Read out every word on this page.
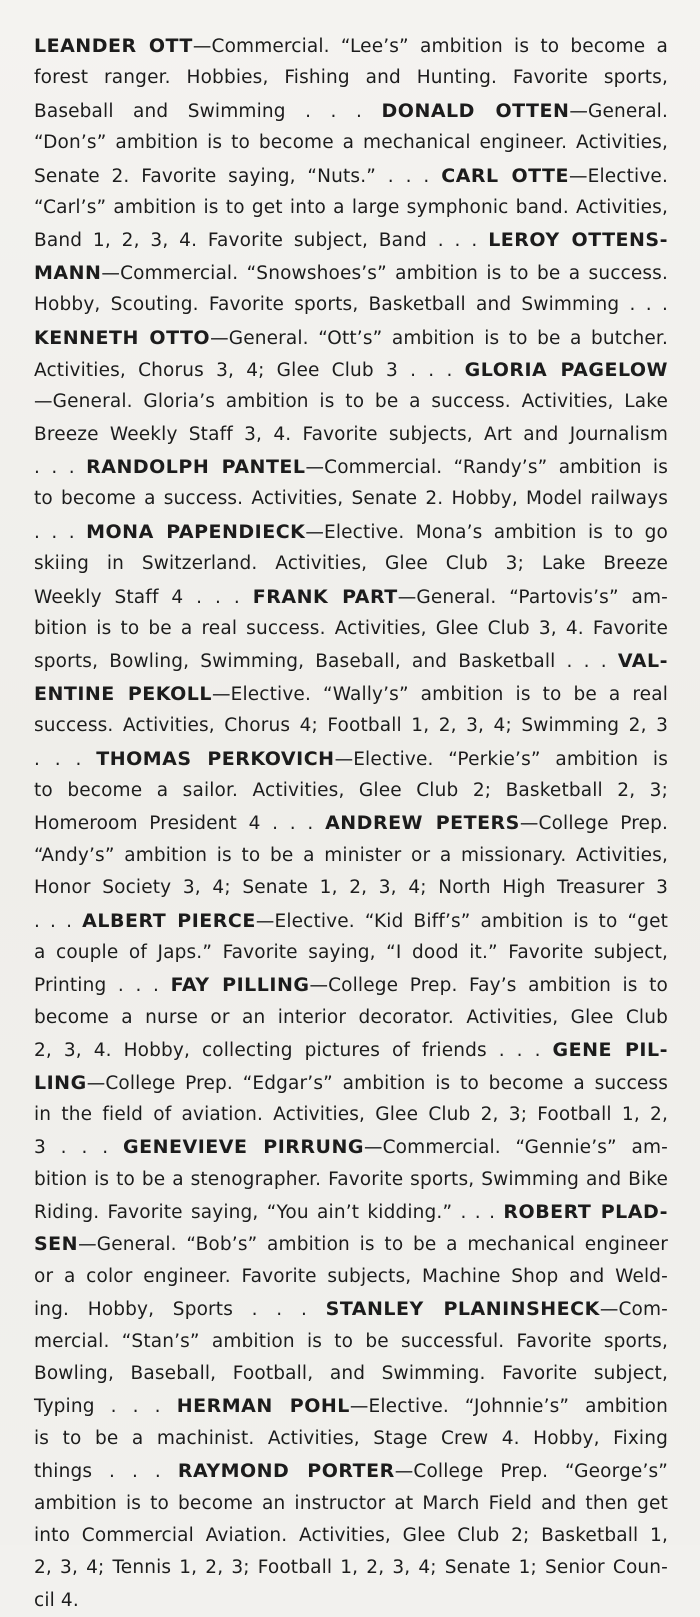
LEANDER OTT—Commercial. “Lee’s” ambition is to become a
forest ranger. Hobbies, Fishing and Hunting. Favorite sports,
Baseball and Swimming . . . DONALD OTTEN—General.
“Don’s” ambition is to become a mechanical engineer. Activities,
Senate 2. Favorite saying, “Nuts.” . . . CARL OTTE—Elective.
“Carl’s” ambition is to get into a large symphonic band. Activities,
Band 1, 2, 3, 4. Favorite subject, Band . . . LEROY OTTENS-
MANN—Commercial. “Snowshoes’s” ambition is to be a success.
Hobby, Scouting. Favorite sports, Basketball and Swimming . . .
KENNETH OTTO—General. “Ott’s” ambition is to be a butcher.
Activities, Chorus 3, 4; Glee Club 3 . . . GLORIA PAGELOW
—General. Gloria’s ambition is to be a success. Activities, Lake
Breeze Weekly Staff 3, 4. Favorite subjects, Art and Journalism
. . . RANDOLPH PANTEL—Commercial. “Randy’s” ambition is
to become a success. Activities, Senate 2. Hobby, Model railways
. . . MONA PAPENDIECK—Elective. Mona’s ambition is to go
skiing in Switzerland. Activities, Glee Club 3; Lake Breeze
Weekly Staff 4 . . . FRANK PART—General. “Partovis’s” am-
bition is to be a real success. Activities, Glee Club 3, 4. Favorite
sports, Bowling, Swimming, Baseball, and Basketball . . . VAL-
ENTINE PEKOLL—Elective. “Wally’s” ambition is to be a real
success. Activities, Chorus 4; Football 1, 2, 3, 4; Swimming 2, 3
. . . THOMAS PERKOVICH—Elective. “Perkie’s” ambition is
to become a sailor. Activities, Glee Club 2; Basketball 2, 3;
Homeroom President 4 . . . ANDREW PETERS—College Prep.
“Andy’s” ambition is to be a minister or a missionary. Activities,
Honor Society 3, 4; Senate 1, 2, 3, 4; North High Treasurer 3
. . . ALBERT PIERCE—Elective. “Kid Biff’s” ambition is to “get
a couple of Japs.” Favorite saying, “I dood it.” Favorite subject,
Printing . . . FAY PILLING—College Prep. Fay’s ambition is to
become a nurse or an interior decorator. Activities, Glee Club
2, 3, 4. Hobby, collecting pictures of friends . . . GENE PIL-
LING—College Prep. “Edgar’s” ambition is to become a success
in the field of aviation. Activities, Glee Club 2, 3; Football 1, 2,
3 . . . GENEVIEVE PIRRUNG—Commercial. “Gennie’s” am-
bition is to be a stenographer. Favorite sports, Swimming and Bike
Riding. Favorite saying, “You ain’t kidding.” . . . ROBERT PLAD-
SEN—General. “Bob’s” ambition is to be a mechanical engineer
or a color engineer. Favorite subjects, Machine Shop and Weld-
ing. Hobby, Sports . . . STANLEY PLANINSHECK—Com-
mercial. “Stan’s” ambition is to be successful. Favorite sports,
Bowling, Baseball, Football, and Swimming. Favorite subject,
Typing . . . HERMAN POHL—Elective. “Johnnie’s” ambition
is to be a machinist. Activities, Stage Crew 4. Hobby, Fixing
things . . . RAYMOND PORTER—College Prep. “George’s”
ambition is to become an instructor at March Field and then get
into Commercial Aviation. Activities, Glee Club 2; Basketball 1,
2, 3, 4; Tennis 1, 2, 3; Football 1, 2, 3, 4; Senate 1; Senior Coun-
cil 4.
